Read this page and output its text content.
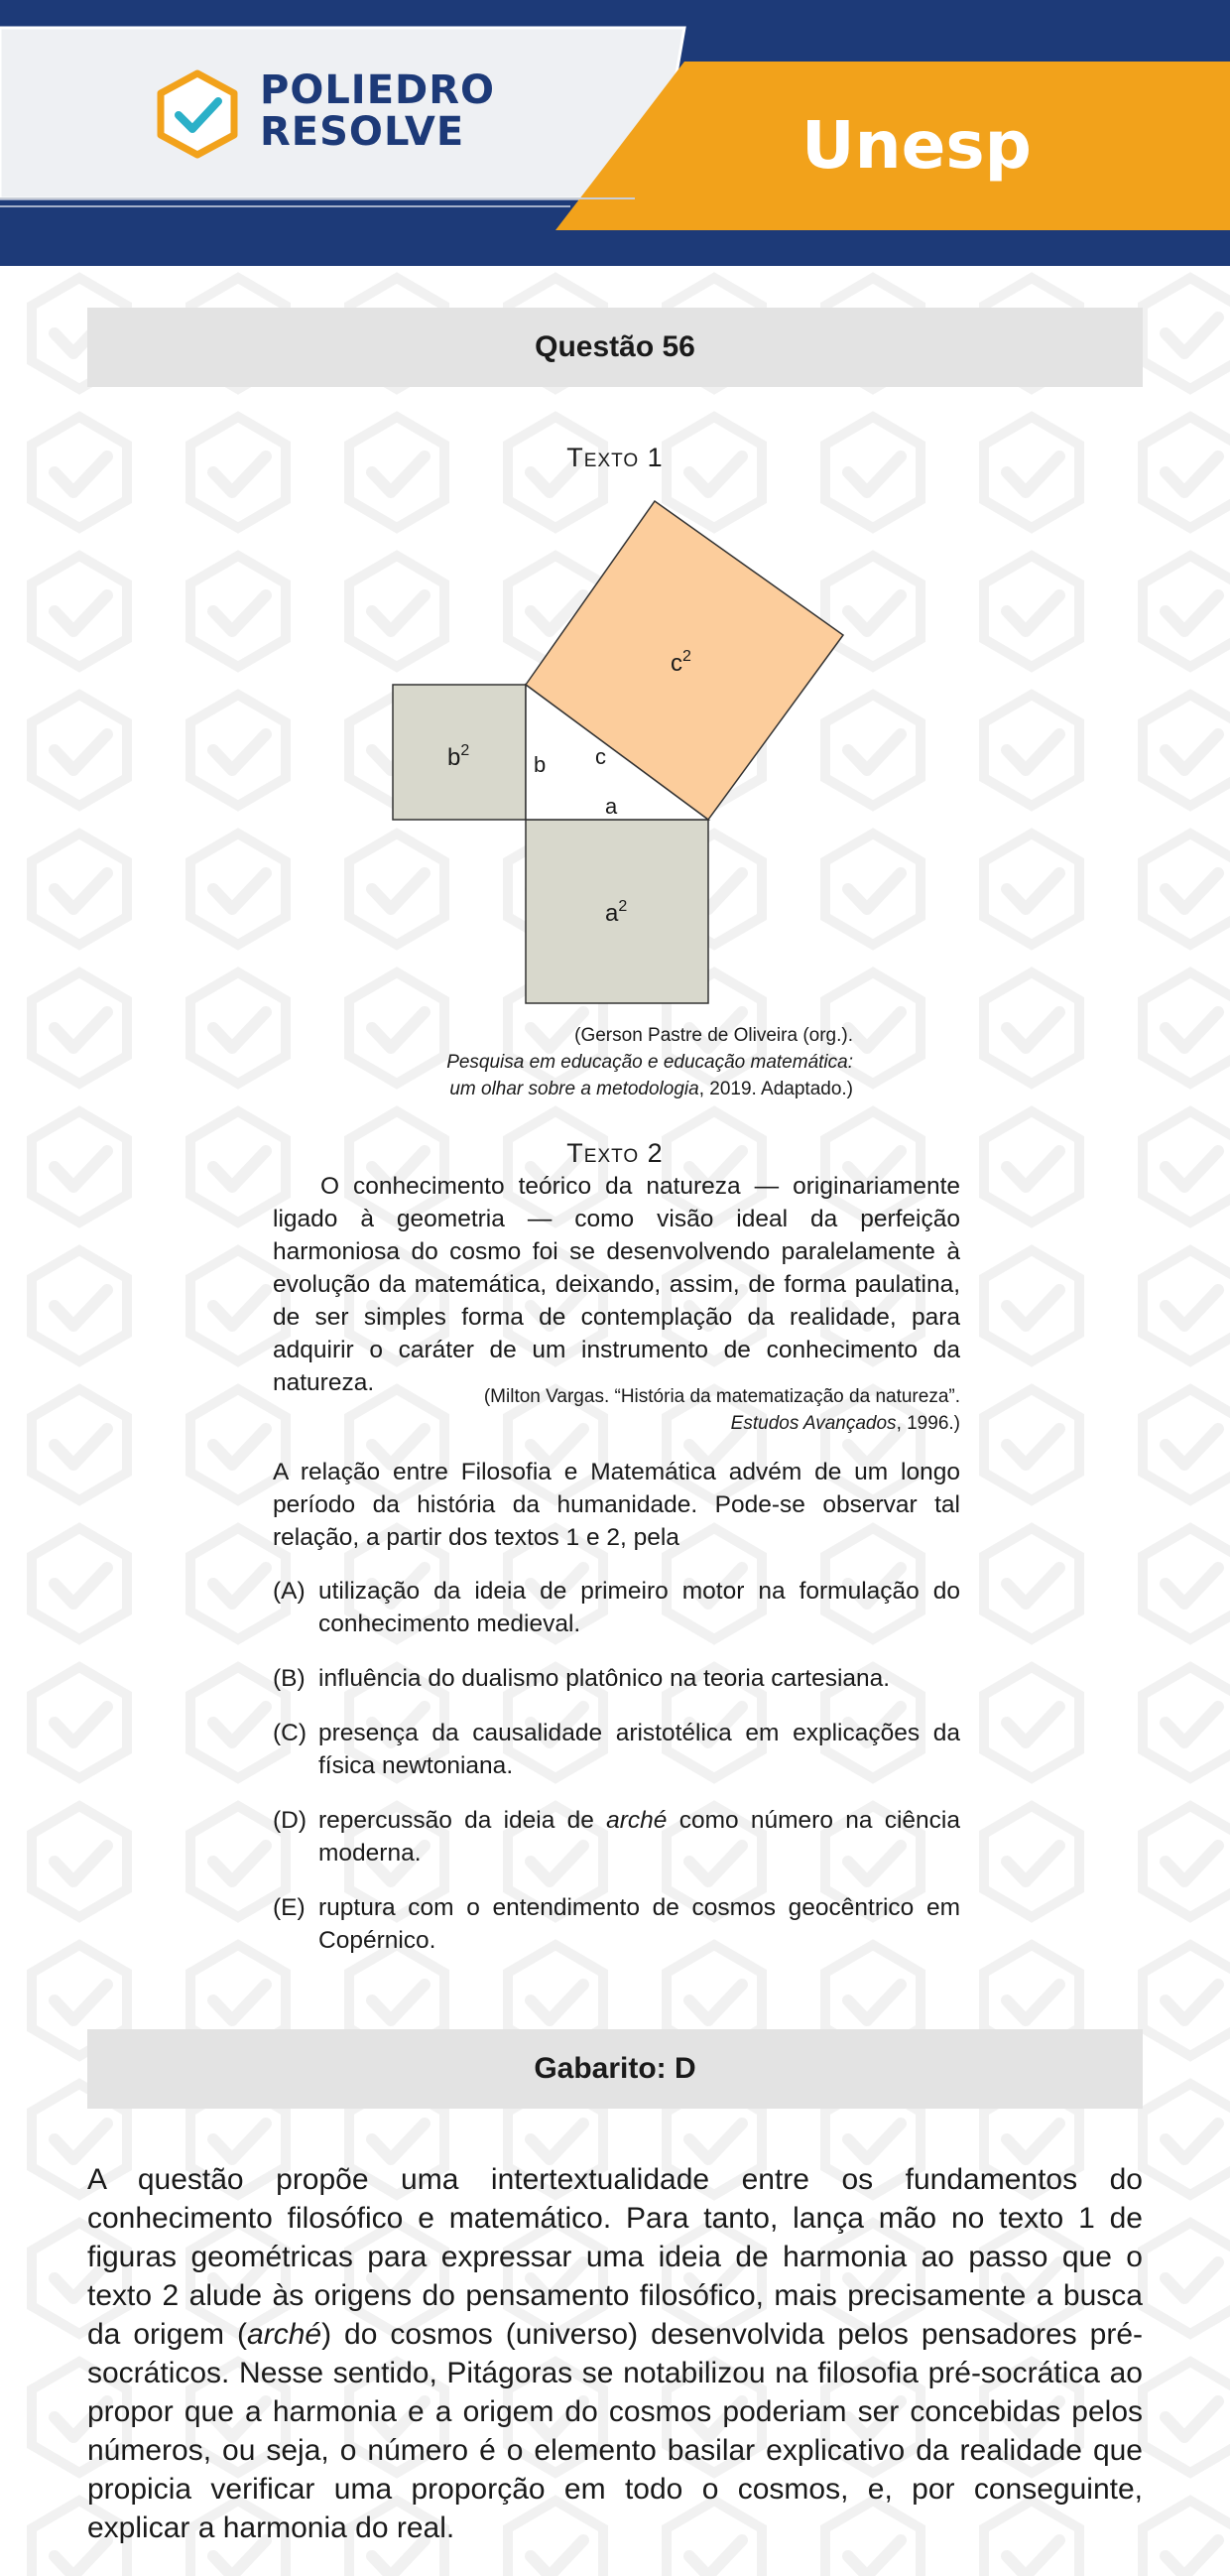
POLIEDRO
RESOLVE	Unesp
Questão 56
Texto 1
$c^2$
$b^2$
$a^2$
b c
a
(Gerson Pastre de Oliveira (org.).
Pesquisa em educação e educação matemática:
um olhar sobre a metodologia, 2019. Adaptado.)
Texto 2

O conhecimento teórico da natureza — originariamente ligado à geometria — como visão ideal da perfeição harmoniosa do cosmo foi se desenvolvendo paralelamente à evolução da matemática, deixando, assim, de forma paulatina, de ser simples forma de contemplação da realidade, para adquirir o caráter de um instrumento de conhecimento da natureza.

(Milton Vargas. “História da matematização da natureza”.
Estudos Avançados, 1996.)
A relação entre Filosofia e Matemática advém de um longo período da história da humanidade. Pode-se observar tal relação, a partir dos textos 1 e 2, pela
(A) utilização da ideia de primeiro motor na formulação do conhecimento medieval.
(B) influência do dualismo platônico na teoria cartesiana.
(C) presença da causalidade aristotélica em explicações da física newtoniana.
(D) repercussão da ideia de arché como número na ciência moderna.
(E) ruptura com o entendimento de cosmos geocêntrico em Copérnico.
Gabarito: D
A questão propõe uma intertextualidade entre os fundamentos do conhecimento filosófico e matemático. Para tanto, lança mão no texto 1 de figuras geométricas para expressar uma ideia de harmonia ao passo que o texto 2 alude às origens do pensamento filosófico, mais precisamente a busca da origem (arché) do cosmos (universo) desenvolvida pelos pensadores pré-socráticos. Nesse sentido, Pitágoras se notabilizou na filosofia pré-socrática ao propor que a harmonia e a origem do cosmos poderiam ser concebidas pelos números, ou seja, o número é o elemento basilar explicativo da realidade que propicia verificar uma proporção em todo o cosmos, e, por conseguinte, explicar a harmonia do real.
